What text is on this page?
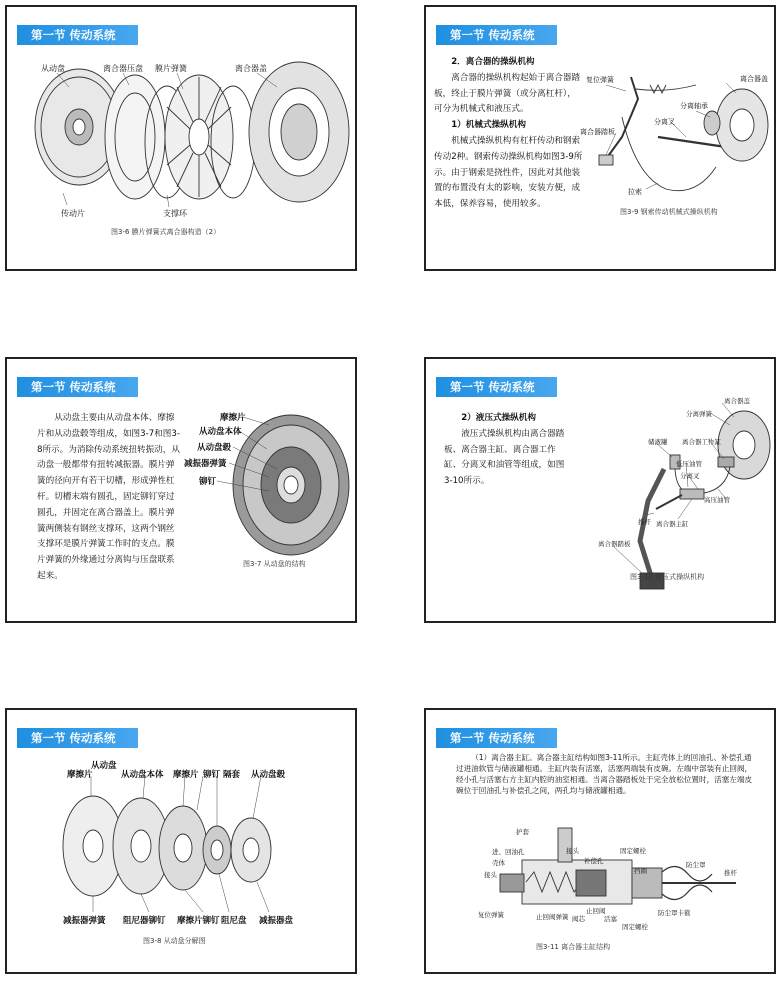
第一节 传动系统
从动盘	离合器压盘 膜片弹簧	离合器盖
传动片	支撑环
图3-6 膜片弹簧式离合器构造（2）
第一节 传动系统

2．离合器的操纵机构

离合器的操纵机构起始于离合器踏板，终止于膜片弹簧（或分离杠杆），可分为机械式和液压式。

1）机械式操纵机构

机械式操纵机构有杠杆传动和钢索传动2种。钢索传动操纵机构如图3-9所示。由于钢索是挠性件，因此对其他装置的布置没有太的影响，安装方便，成本低，保养容易，使用较多。

复位弹簧	离合器盖
分离轴承
分离叉
离合器踏板
拉索
图3-9 钢索传动机械式操纵机构
第一节 传动系统

从动盘主要由从动盘本体、摩擦片和从动盘毂等组成，如图3-7和图3-8所示。为消除传动系统扭转振动，从动盘一般都带有扭转减振器。膜片弹簧的径向开有若干切槽，形成弹性杠杆。切槽末端有圆孔，固定铆钉穿过圆孔，并固定在离合器盖上。膜片弹簧两侧装有钢丝支撑环，这两个钢丝支撑环是膜片弹簧工作时的支点。膜片弹簧的外缘通过分离钩与压盘联系起来。

摩擦片
从动盘本体
从动盘毂
减振器弹簧
铆钉
图3-7 从动盘的结构
第一节 传动系统

2）液压式操纵机构

液压式操纵机构由离合器踏板、离合器主缸、离合器工作缸、分离叉和油管等组成，如图3-10所示。

离合器盖
分离弹簧
储液罐 离合器工作缸
低压油管
分离叉
离合器主缸
高压油管
推杆
离合器踏板
图3-10 液压式操纵机构
第一节 传动系统
从动盘
摩擦片	从动盘本体 摩擦片 铆钉 隔套 从动盘毂
减振器弹簧 阻尼器铆钉 摩擦片铆钉 阻尼盘 减振器盘
图3-8 从动盘分解图
第一节 传动系统

（1）离合器主缸。离合器主缸结构如图3-11所示。主缸壳体上的回油孔、补偿孔通过进油软管与储液罐相通。主缸内装有活塞，活塞两端装有皮碗。左端中部装有止回阀，经小孔与活塞右方主缸内腔的油室相通。当离合器踏板处于完全放松位置时，活塞左端皮碗位于回油孔与补偿孔之间，两孔均与储液罐相通。

护套
进、回油孔
壳体
接头
补偿孔
固定螺栓
挡圈
防尘罩
接头	推杆
复位弹簧	止回阀弹簧 阀芯
止回阀
活塞
防尘罩卡箍
固定螺栓
图3-11 离合器主缸结构
